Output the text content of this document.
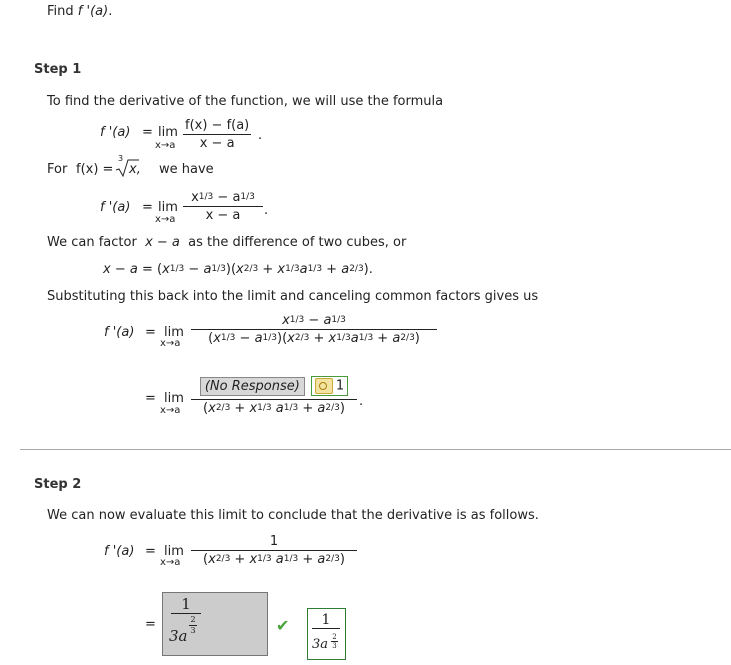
Find f '(a).
Step 1
To find the derivative of the function, we will use the formula
f '(a) = lim
$x\to a \frac{f(x) - f(a)}{x - a}$ .
For f(x) =
3
x, we have
f '(a) = lim
$x\to a \frac{x^{1/3} - a^{1/3}}{x - a}$ .
We can factor x − a as the difference of two cubes, or
$x - a = (x^{1/3} - a^{1/3})(x^{2/3} + x^{1/3}a^{1/3} + a^{2/3})$.
Substituting this back into the limit and canceling common factors gives us
f '(a) = lim
$x\to a \frac{x^{1/3} - a^{1/3}}{(x^{1/3} - a^{1/3})(x^{2/3} + x^{1/3}a^{1/3} + a^{2/3})}$
= lim
x→a
(No Response)	1
($x^{2/3} + x^{1/3}$ $a^{1/3} + a^{2/3}$)	.
Step 2
We can now evaluate this limit to conclude that the derivative is as follows.
f '(a) = lim
$x\to a \frac{1}{(x^{2/3} + x^{1/3} a^{1/3} + a^{2/3})}$
=
1
3a
2
3	✔	1
3a 2
3
